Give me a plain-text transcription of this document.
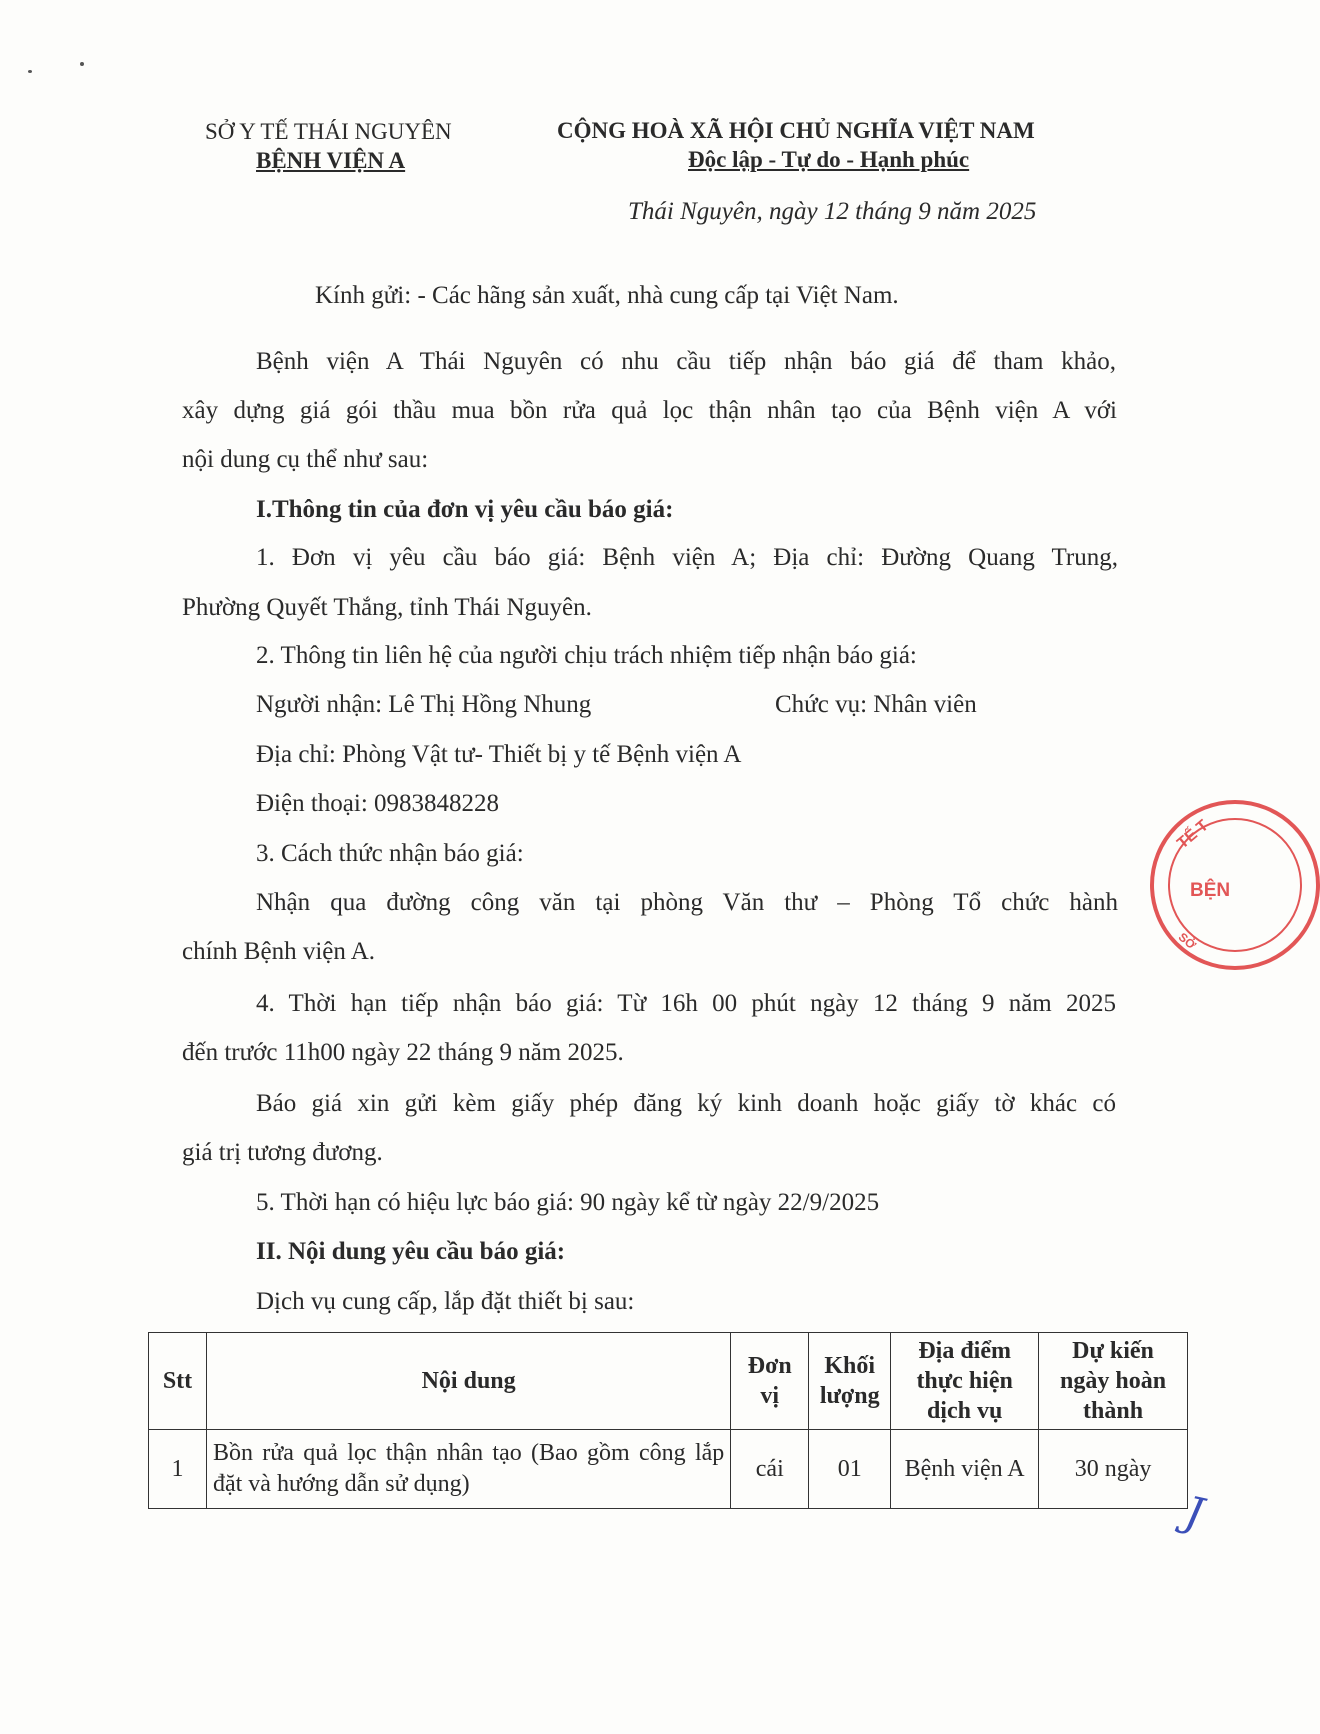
SỞ Y TẾ THÁI NGUYÊN
BỆNH VIỆN A
CỘNG HOÀ XÃ HỘI CHỦ NGHĨA VIỆT NAM
Độc lập - Tự do - Hạnh phúc
Thái Nguyên, ngày 12 tháng 9 năm 2025
Kính gửi: - Các hãng sản xuất, nhà cung cấp tại Việt Nam.
Bệnh viện A Thái Nguyên có nhu cầu tiếp nhận báo giá để tham khảo,
xây dựng giá gói thầu mua bồn rửa quả lọc thận nhân tạo của Bệnh viện A với
nội dung cụ thể như sau:
I.Thông tin của đơn vị yêu cầu báo giá:
1. Đơn vị yêu cầu báo giá: Bệnh viện A; Địa chỉ: Đường Quang Trung,
Phường Quyết Thắng, tỉnh Thái Nguyên.
2. Thông tin liên hệ của người chịu trách nhiệm tiếp nhận báo giá:
Người nhận: Lê Thị Hồng Nhung	Chức vụ: Nhân viên
Địa chỉ: Phòng Vật tư- Thiết bị y tế Bệnh viện A
Điện thoại: 0983848228
3. Cách thức nhận báo giá:
Nhận qua đường công văn tại phòng Văn thư – Phòng Tổ chức hành
chính Bệnh viện A.
4. Thời hạn tiếp nhận báo giá: Từ 16h 00 phút ngày 12 tháng 9 năm 2025
đến trước 11h00 ngày 22 tháng 9 năm 2025.
Báo giá xin gửi kèm giấy phép đăng ký kinh doanh hoặc giấy tờ khác có
giá trị tương đương.
5. Thời hạn có hiệu lực báo giá: 90 ngày kể từ ngày 22/9/2025
II. Nội dung yêu cầu báo giá:
Dịch vụ cung cấp, lắp đặt thiết bị sau:
Stt	Nội dung	Đơn vị	Khối lượng	Địa điểm thực hiện dịch vụ	Dự kiến ngày hoàn thành
1	Bồn rửa quả lọc thận nhân tạo (Bao gồm công lắp đặt và hướng dẫn sử dụng)	cái	01	Bệnh viện A	30 ngày
TẾ T
BỆN
SỞ
J
